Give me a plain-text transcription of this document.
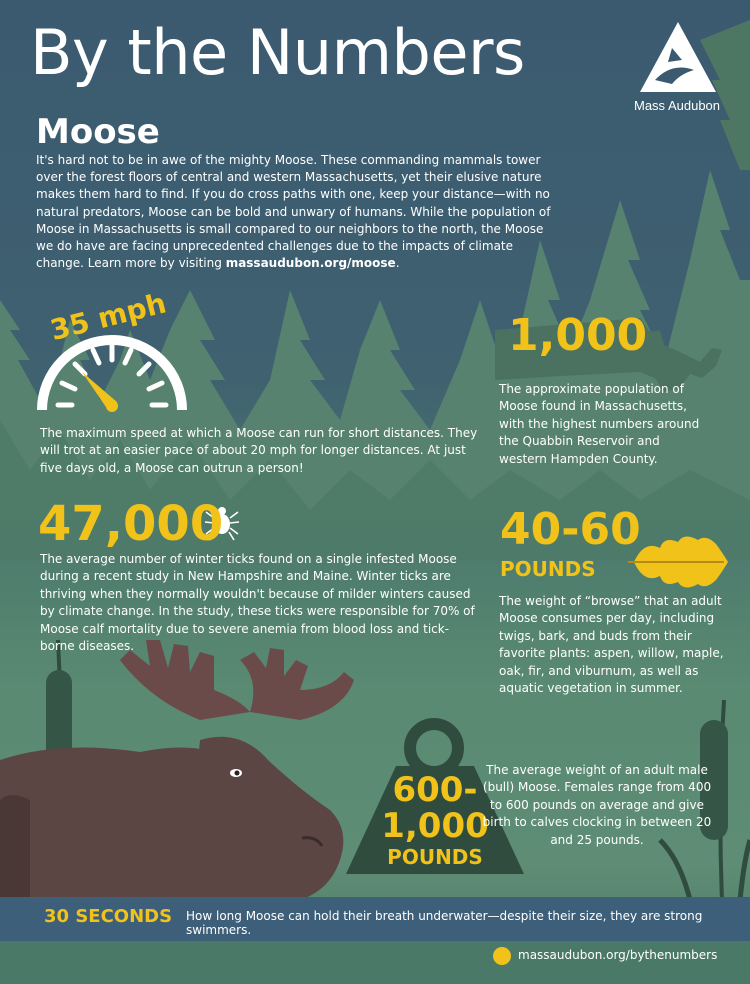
By the Numbers
Mass Audubon
Moose
It's hard not to be in awe of the mighty Moose. These commanding mammals tower over the forest floors of central and western Massachusetts, yet their elusive nature makes them hard to find. If you do cross paths with one, keep your distance—with no natural predators, Moose can be bold and unwary of humans. While the population of Moose in Massachusetts is small compared to our neighbors to the north, the Moose we do have are facing unprecedented challenges due to the impacts of climate change. Learn more by visiting massaudubon.org/moose.
35 mph
The maximum speed at which a Moose can run for short distances. They will trot at an easier pace of about 20 mph for longer distances. At just five days old, a Moose can outrun a person!
47,000
The average number of winter ticks found on a single infested Moose during a recent study in New Hampshire and Maine. Winter ticks are thriving when they normally wouldn't because of milder winters caused by climate change. In the study, these ticks were responsible for 70% of Moose calf mortality due to severe anemia from blood loss and tick-borne diseases.
1,000
The approximate population of Moose found in Massachusetts, with the highest numbers around the Quabbin Reservoir and western Hampden County.
40-60
POUNDS
The weight of “browse” that an adult Moose consumes per day, including twigs, bark, and buds from their favorite plants: aspen, willow, maple, oak, fir, and viburnum, as well as aquatic vegetation in summer.
600-
1,000
POUNDS
The average weight of an adult male (bull) Moose. Females range from 400 to 600 pounds on average and give birth to calves clocking in between 20 and 25 pounds.
30 SECONDS How long Moose can hold their breath underwater—despite their size, they are strong swimmers.
massaudubon.org/bythenumbers
